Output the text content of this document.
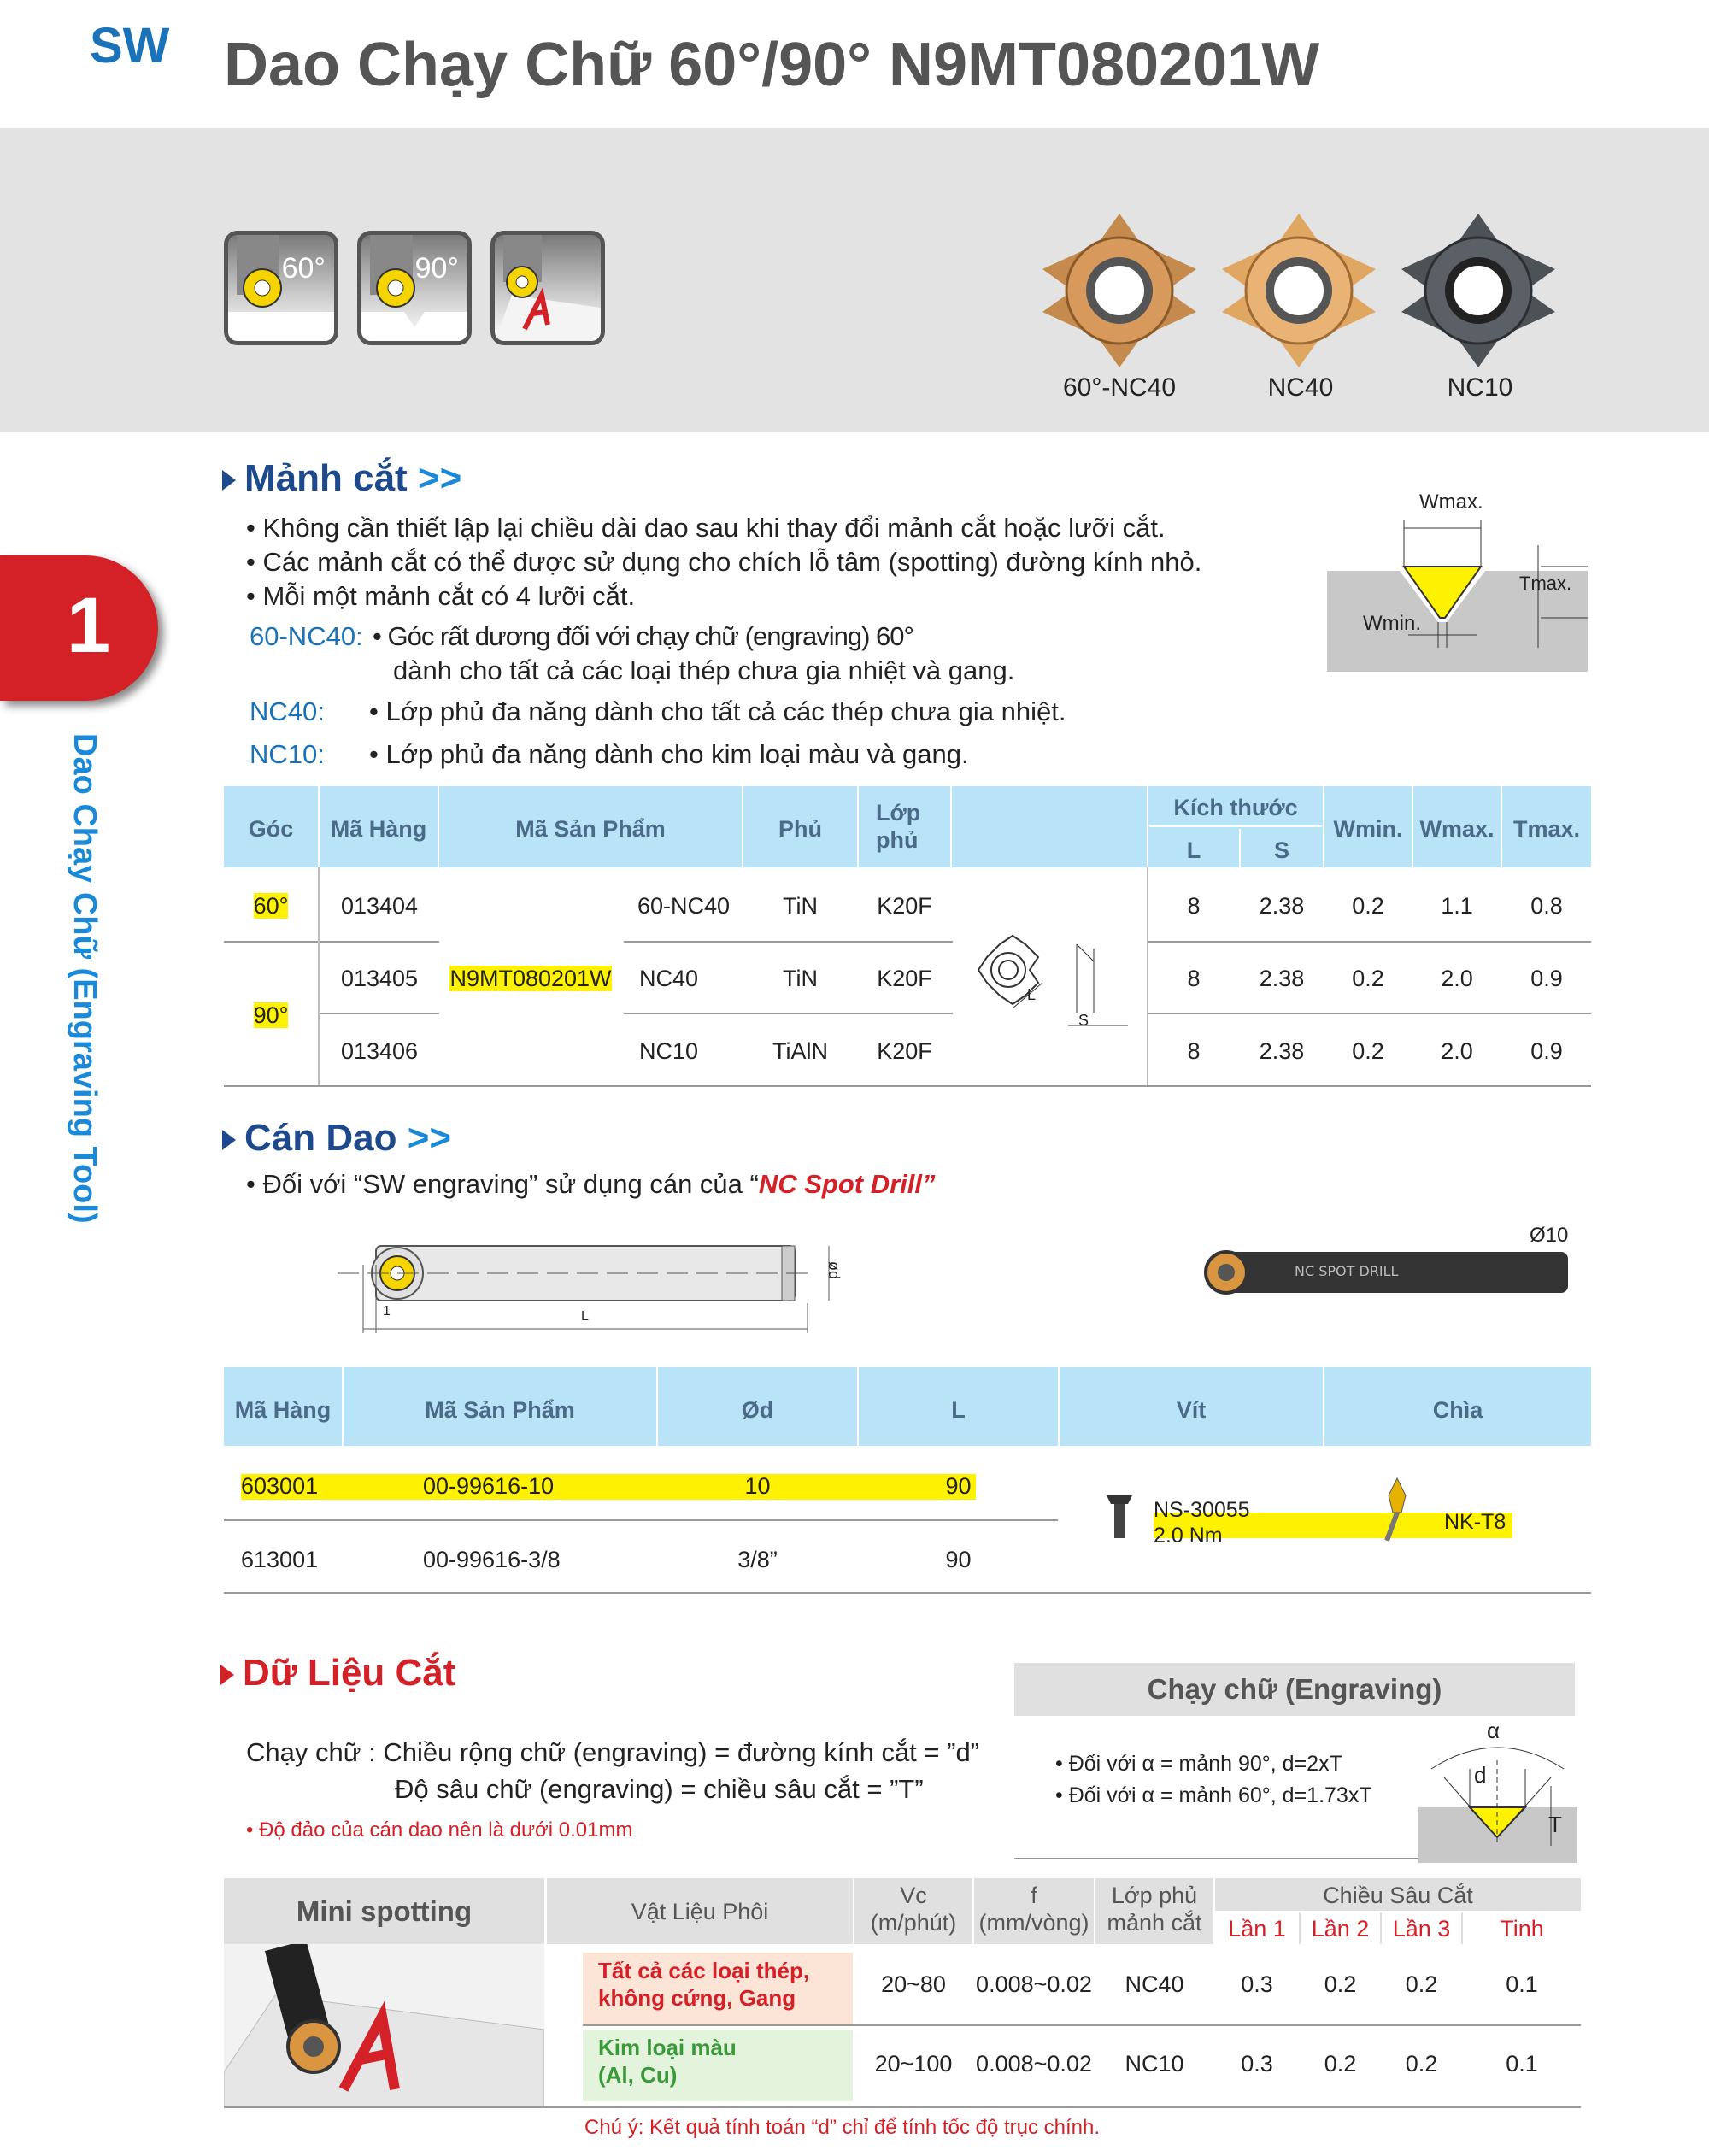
SW Dao Chạy Chữ 60°/90° N9MT080201W
60°	90°
60°-NC40	NC40	NC10
1
Dao Chạy Chữ (Engraving Tool)
Mảnh cắt >>
• Không cần thiết lập lại chiều dài dao sau khi thay đổi mảnh cắt hoặc lưỡi cắt.
• Các mảnh cắt có thể được sử dụng cho chích lỗ tâm (spotting) đường kính nhỏ.
• Mỗi một mảnh cắt có 4 lưỡi cắt.
60-NC40: • Góc rất dương đối với chạy chữ (engraving) 60°
dành cho tất cả các loại thép chưa gia nhiệt và gang.
NC40: • Lớp phủ đa năng dành cho tất cả các thép chưa gia nhiệt.
NC10: • Lớp phủ đa năng dành cho kim loại màu và gang.
Wmax.
Wmin.
Tmax.
Góc	Mã Hàng	Mã Sản Phẩm	Phủ
Lớp phủ
Kích thước
L	S
Wmin. Wmax. Tmax.
60°
90°
N9MT080201W
013404	60-NC40	TiN	K20F	8	2.38	0.2	1.1	0.8
013405	NC40	TiN	K20F	8	2.38	0.2	2.0	0.9
013406	NC10	TiAlN	K20F	8	2.38	0.2	2.0	0.9
L
S
Cán Dao >>
• Đối với “SW engraving” sử dụng cán của “NC Spot Drill”
1	L
ød	NC SPOT DRILL
Ø10
Mã Hàng	Mã Sản Phẩm	Ød	L	Vít	Chìa
603001	00-99616-10	10	90
613001	00-99616-3/8	3/8”	90
NS-30055
2.0 Nm
NK-T8
Dữ Liệu Cắt
Chạy chữ : Chiều rộng chữ (engraving) = đường kính cắt = ”d”
Độ sâu chữ (engraving) = chiều sâu cắt = ”T”
• Độ đảo của cán dao nên là dưới 0.01mm
Chạy chữ (Engraving)
• Đối với α = mảnh 90°, d=2xT
• Đối với α = mảnh 60°, d=1.73xT
α
d
T
Mini spotting	Vật Liệu Phôi
Vc
(m/phút)
f
(mm/vòng)
Lớp phủ
mảnh cắt
Chiều Sâu Cắt
Lần 1	Lần 2	Lần 3	Tinh
Tất cả các loại thép,
không cứng, Gang
20~80	0.008~0.02	NC40	0.3	0.2	0.2	0.1
Kim loại màu
(Al, Cu)	20~100	0.008~0.02	NC10	0.3	0.2	0.2	0.1
Chú ý: Kết quả tính toán “d” chỉ để tính tốc độ trục chính.
